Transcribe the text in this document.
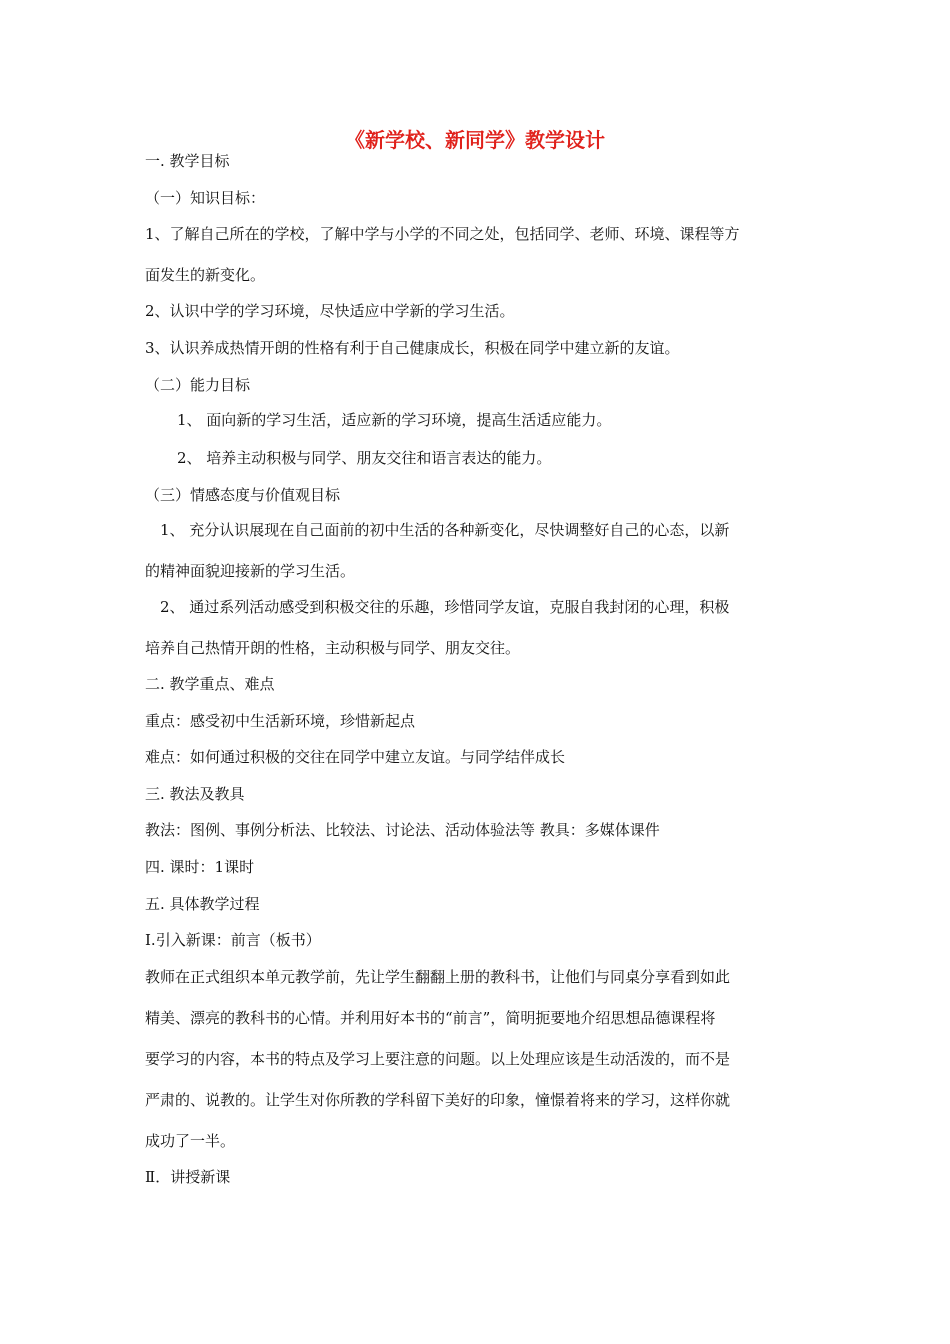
《新学校、新同学》教学设计
一. 教学目标
（一）知识目标：
1、了解自己所在的学校，了解中学与小学的不同之处，包括同学、老师、环境、课程等方
面发生的新变化。
2、认识中学的学习环境，尽快适应中学新的学习生活。
3、认识养成热情开朗的性格有利于自己健康成长，积极在同学中建立新的友谊。
（二）能力目标
1、 面向新的学习生活，适应新的学习环境，提高生活适应能力。
2、 培养主动积极与同学、朋友交往和语言表达的能力。
（三）情感态度与价值观目标
1、 充分认识展现在自己面前的初中生活的各种新变化，尽快调整好自己的心态，以新
的精神面貌迎接新的学习生活。
2、 通过系列活动感受到积极交往的乐趣，珍惜同学友谊，克服自我封闭的心理，积极
培养自己热情开朗的性格，主动积极与同学、朋友交往。
二. 教学重点、难点
重点：感受初中生活新环境，珍惜新起点
难点：如何通过积极的交往在同学中建立友谊。与同学结伴成长
三. 教法及教具
教法：图例、事例分析法、比较法、讨论法、活动体验法等 教具：多媒体课件
四. 课时：1课时
五. 具体教学过程
Ⅰ.引入新课：前言（板书）
教师在正式组织本单元教学前，先让学生翻翻上册的教科书，让他们与同桌分享看到如此
精美、漂亮的教科书的心情。并利用好本书的“前言”，简明扼要地介绍思想品德课程将
要学习的内容，本书的特点及学习上要注意的问题。以上处理应该是生动活泼的，而不是
严肃的、说教的。让学生对你所教的学科留下美好的印象，憧憬着将来的学习，这样你就
成功了一半。
Ⅱ．讲授新课
